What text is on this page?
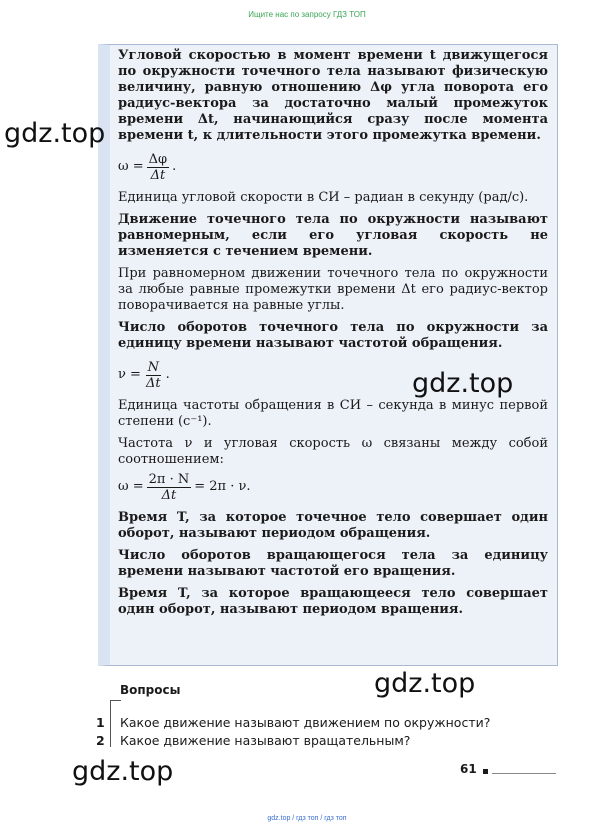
Ищите нас по запросу ГДЗ ТОП

Угловой скоростью в момент времени t движущегося по окружности точечного тела называют физическую величину, равную отношению Δφ угла поворота его радиус-вектора за достаточно малый промежуток времени Δt, начинающийся сразу после момента времени t, к длительности этого промежутка времени.

$\omega = \frac{\Delta\varphi}{\Delta t}$ .

Единица угловой скорости в СИ – радиан в секунду (рад/с).

Движение точечного тела по окружности называют равномерным, если его угловая скорость не изменяется с течением времени.

При равномерном движении точечного тела по окружности за любые равные промежутки времени Δt его радиус-вектор поворачивается на равные углы.

Число оборотов точечного тела по окружности за единицу времени называют частотой обращения.

$\nu = \frac{N}{\Delta t}$ .

Единица частоты обращения в СИ – секунда в минус первой степени (с⁻¹).

Частота ν и угловая скорость ω связаны между собой соотношением:

$\omega = \frac{2\pi \cdot N}{\Delta t} = 2\pi \cdot \nu$.

Время T, за которое точечное тело совершает один оборот, называют периодом обращения.

Число оборотов вращающегося тела за единицу времени называют частотой его вращения.

Время T, за которое вращающееся тело совершает один оборот, называют периодом вращения.

gdz.top
gdz.top
gdz.top
gdz.top
Вопросы
1 Какое движение называют движением по окружности?
2 Какое движение называют вращательным?
61
gdz.top / гдз топ / гдз топ
